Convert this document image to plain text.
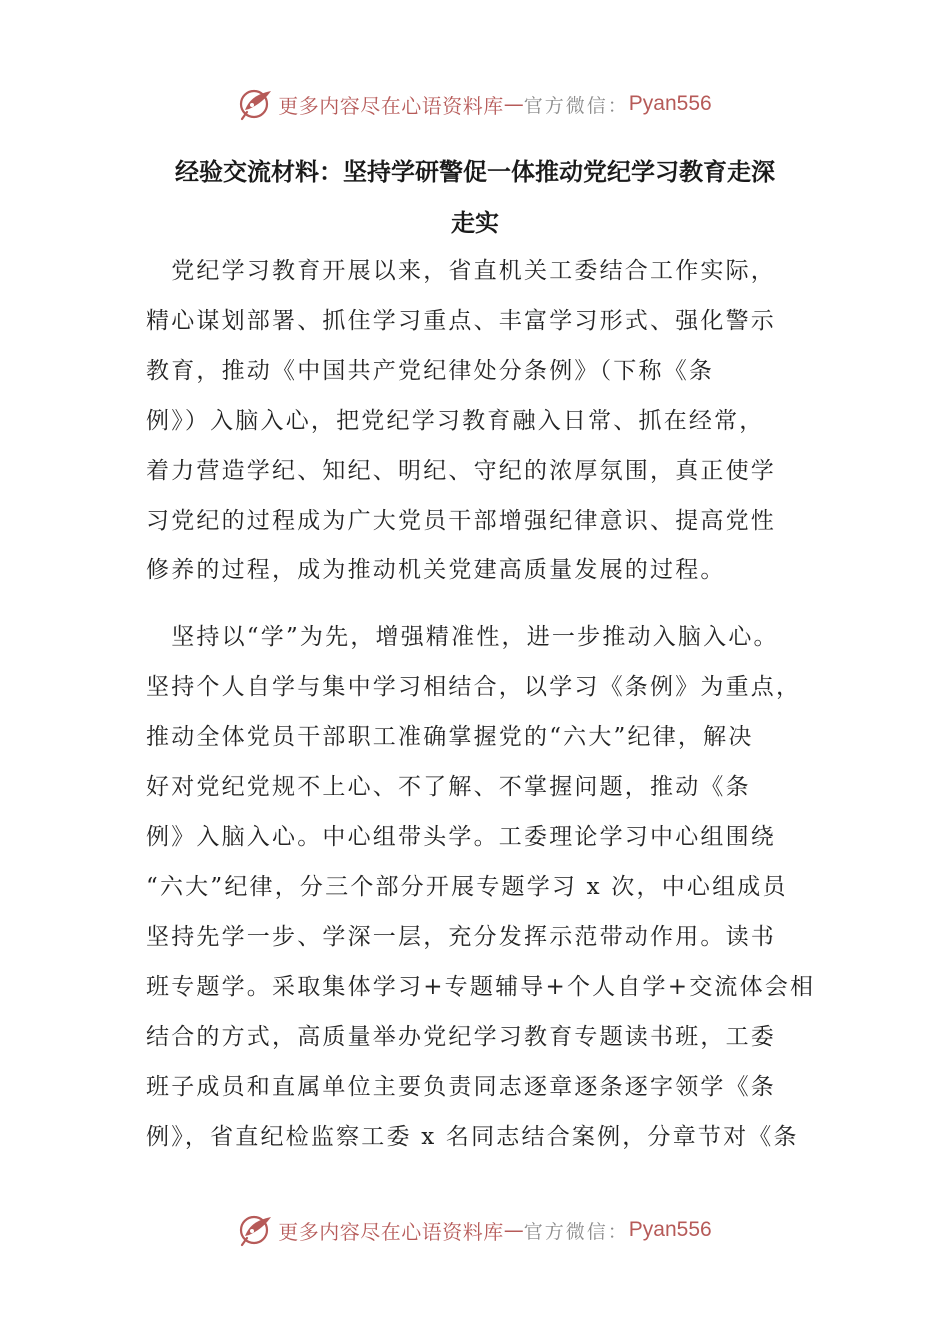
更多内容尽在心语资料库 — 官方微信： Pyan556
经验交流材料：坚持学研警促一体推动党纪学习教育走深
走实
　党纪学习教育开展以来，省直机关工委结合工作实际，
精心谋划部署、抓住学习重点、丰富学习形式、强化警示
教育，推动《中国共产党纪律处分条例》（下称《条
例》）入脑入心，把党纪学习教育融入日常、抓在经常，
着力营造学纪、知纪、明纪、守纪的浓厚氛围，真正使学
习党纪的过程成为广大党员干部增强纪律意识、提高党性
修养的过程，成为推动机关党建高质量发展的过程。
　坚持以“学”为先，增强精准性，进一步推动入脑入心。
坚持个人自学与集中学习相结合，以学习《条例》为重点，
推动全体党员干部职工准确掌握党的“六大”纪律，解决
好对党纪党规不上心、不了解、不掌握问题，推动《条
例》入脑入心。中心组带头学。工委理论学习中心组围绕
“六大”纪律，分三个部分开展专题学习 x 次，中心组成员
坚持先学一步、学深一层，充分发挥示范带动作用。读书
班专题学。采取集体学习+专题辅导+个人自学+交流体会相
结合的方式，高质量举办党纪学习教育专题读书班，工委
班子成员和直属单位主要负责同志逐章逐条逐字领学《条
例》，省直纪检监察工委 x 名同志结合案例，分章节对《条
更多内容尽在心语资料库 — 官方微信： Pyan556
